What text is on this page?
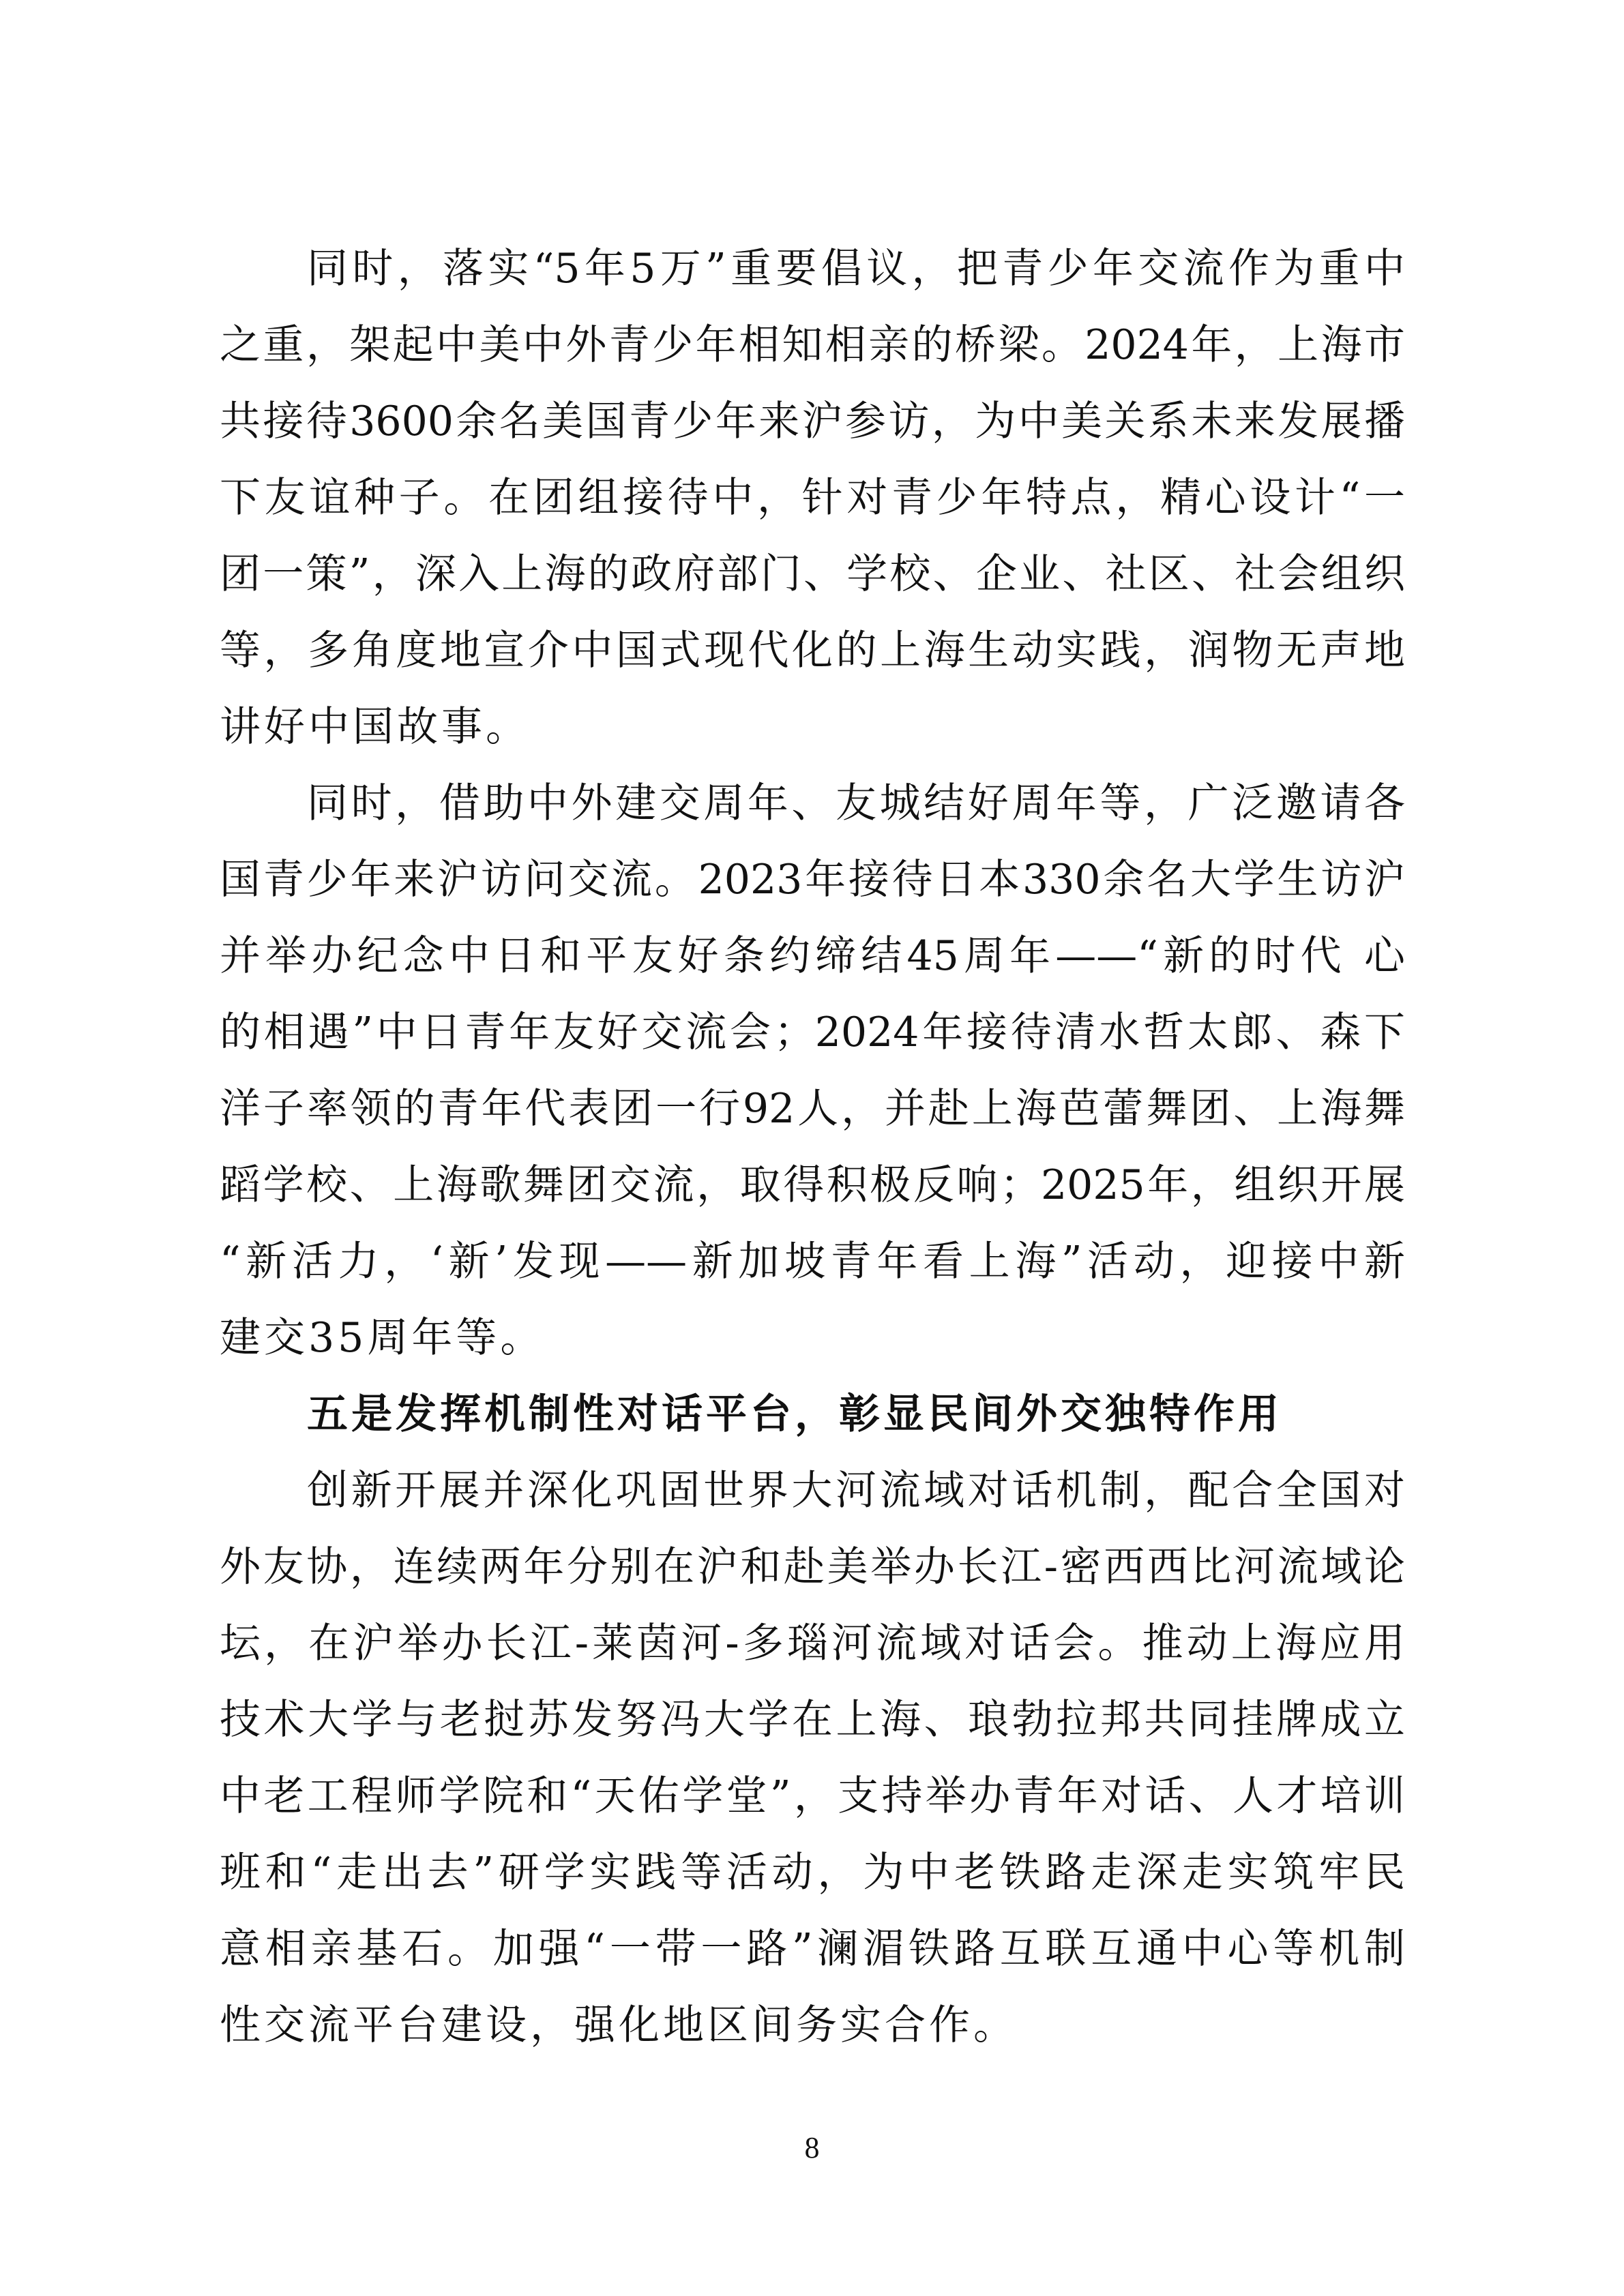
同时，落实“5年5万”重要倡议，把青少年交流作为重中
之重，架起中美中外青少年相知相亲的桥梁。2024年，上海市
共接待3600余名美国青少年来沪参访，为中美关系未来发展播
下友谊种子。在团组接待中，针对青少年特点，精心设计“一
团一策”，深入上海的政府部门、学校、企业、社区、社会组织
等，多角度地宣介中国式现代化的上海生动实践，润物无声地
讲好中国故事。
同时，借助中外建交周年、友城结好周年等，广泛邀请各
国青少年来沪访问交流。2023年接待日本330余名大学生访沪
并举办纪念中日和平友好条约缔结45周年——“新的时代 心
的相遇”中日青年友好交流会；2024年接待清水哲太郎、森下
洋子率领的青年代表团一行92人，并赴上海芭蕾舞团、上海舞
蹈学校、上海歌舞团交流，取得积极反响；2025年，组织开展
“新活力，‘新’发现——新加坡青年看上海”活动，迎接中新
建交35周年等。
五是发挥机制性对话平台，彰显民间外交独特作用
创新开展并深化巩固世界大河流域对话机制，配合全国对
外友协，连续两年分别在沪和赴美举办长江-密西西比河流域论
坛，在沪举办长江-莱茵河-多瑙河流域对话会。推动上海应用
技术大学与老挝苏发努冯大学在上海、琅勃拉邦共同挂牌成立
中老工程师学院和“天佑学堂”，支持举办青年对话、人才培训
班和“走出去”研学实践等活动，为中老铁路走深走实筑牢民
意相亲基石。加强“一带一路”澜湄铁路互联互通中心等机制
性交流平台建设，强化地区间务实合作。
8
